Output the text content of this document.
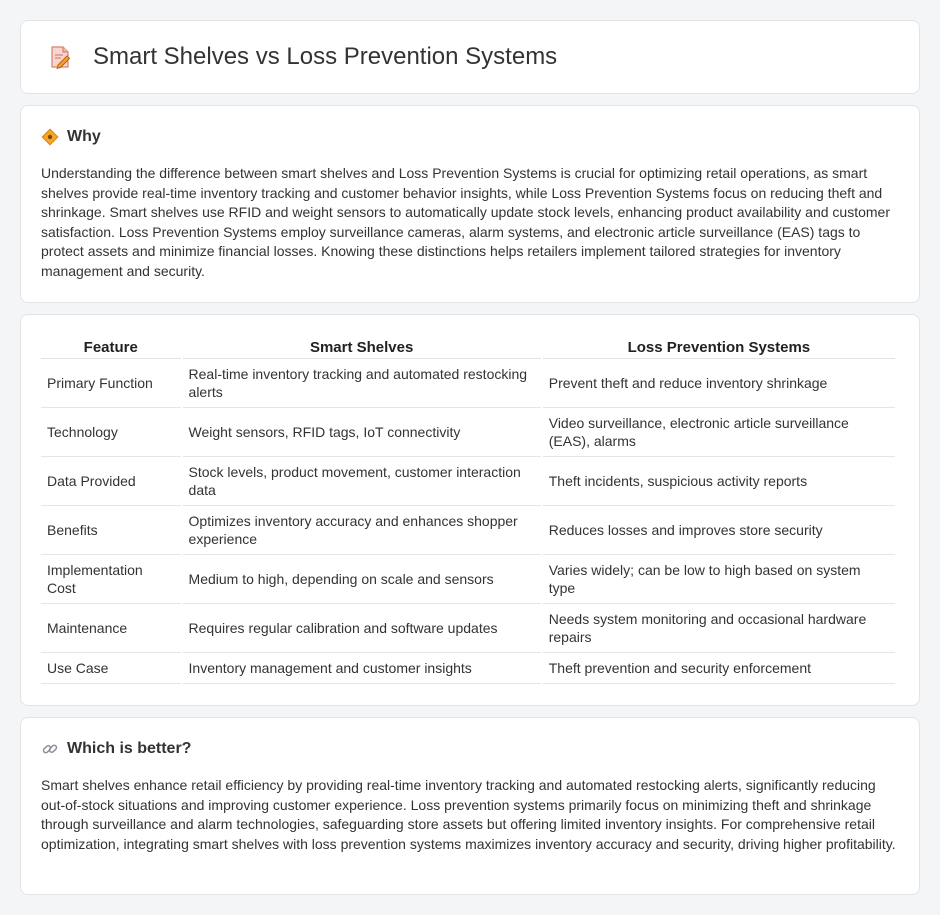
Smart Shelves vs Loss Prevention Systems
Why

Understanding the difference between smart shelves and Loss Prevention Systems is crucial for optimizing retail operations, as smart shelves provide real-time inventory tracking and customer behavior insights, while Loss Prevention Systems focus on reducing theft and shrinkage. Smart shelves use RFID and weight sensors to automatically update stock levels, enhancing product availability and customer satisfaction. Loss Prevention Systems employ surveillance cameras, alarm systems, and electronic article surveillance (EAS) tags to protect assets and minimize financial losses. Knowing these distinctions helps retailers implement tailored strategies for inventory management and security.

Feature	Smart Shelves	Loss Prevention Systems
Primary Function	Real-time inventory tracking and automated restocking alerts	Prevent theft and reduce inventory shrinkage
Technology	Weight sensors, RFID tags, IoT connectivity	Video surveillance, electronic article surveillance (EAS), alarms
Data Provided	Stock levels, product movement, customer interaction data	Theft incidents, suspicious activity reports
Benefits	Optimizes inventory accuracy and enhances shopper experience	Reduces losses and improves store security
Implementation Cost	Medium to high, depending on scale and sensors	Varies widely; can be low to high based on system type
Maintenance	Requires regular calibration and software updates	Needs system monitoring and occasional hardware repairs
Use Case	Inventory management and customer insights	Theft prevention and security enforcement
Which is better?

Smart shelves enhance retail efficiency by providing real-time inventory tracking and automated restocking alerts, significantly reducing out-of-stock situations and improving customer experience. Loss prevention systems primarily focus on minimizing theft and shrinkage through surveillance and alarm technologies, safeguarding store assets but offering limited inventory insights. For comprehensive retail optimization, integrating smart shelves with loss prevention systems maximizes inventory accuracy and security, driving higher profitability.
